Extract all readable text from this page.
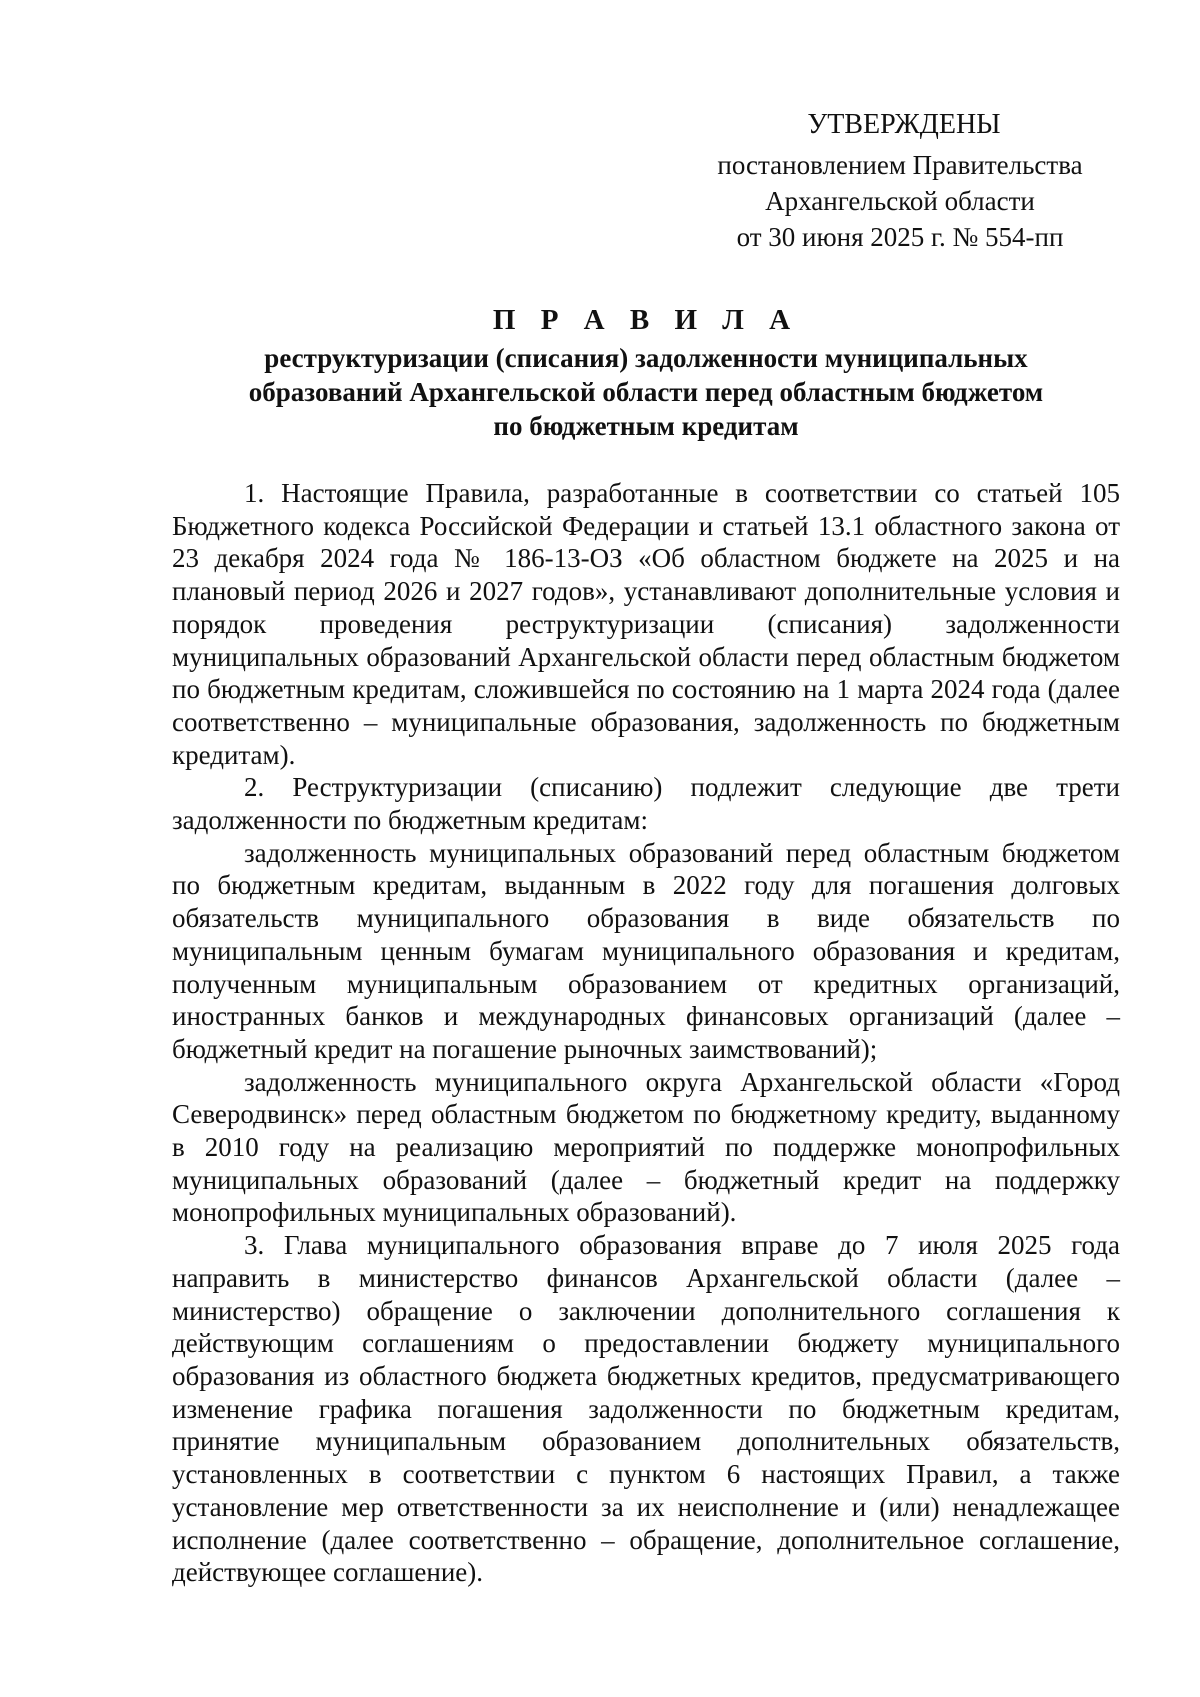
УТВЕРЖДЕНЫ
постановлением Правительства
Архангельской области
от 30 июня 2025 г. № 554-пп
П Р А В И Л А
реструктуризации (списания) задолженности муниципальных
образований Архангельской области перед областным бюджетом
по бюджетным кредитам

1. Настоящие Правила, разработанные в соответствии со статьей 105 Бюджетного кодекса Российской Федерации и статьей 13.1 областного закона от 23 декабря 2024 года № 186-13-ОЗ «Об областном бюджете на 2025 и на плановый период 2026 и 2027 годов», устанавливают дополнительные условия и порядок проведения реструктуризации (списания) задолженности муниципальных образований Архангельской области перед областным бюджетом по бюджетным кредитам, сложившейся по состоянию на 1 марта 2024 года (далее соответственно – муниципальные образования, задолженность по бюджетным кредитам).

2. Реструктуризации (списанию) подлежит следующие две трети задолженности по бюджетным кредитам:

задолженность муниципальных образований перед областным бюджетом по бюджетным кредитам, выданным в 2022 году для погашения долговых обязательств муниципального образования в виде обязательств по муниципальным ценным бумагам муниципального образования и кредитам, полученным муниципальным образованием от кредитных организаций, иностранных банков и международных финансовых организаций (далее – бюджетный кредит на погашение рыночных заимствований);

задолженность муниципального округа Архангельской области «Город Северодвинск» перед областным бюджетом по бюджетному кредиту, выданному в 2010 году на реализацию мероприятий по поддержке монопрофильных муниципальных образований (далее – бюджетный кредит на поддержку монопрофильных муниципальных образований).

3. Глава муниципального образования вправе до 7 июля 2025 года направить в министерство финансов Архангельской области (далее – министерство) обращение о заключении дополнительного соглашения к действующим соглашениям о предоставлении бюджету муниципального образования из областного бюджета бюджетных кредитов, предусматривающего изменение графика погашения задолженности по бюджетным кредитам, принятие муниципальным образованием дополнительных обязательств, установленных в соответствии с пунктом 6 настоящих Правил, а также установление мер ответственности за их неисполнение и (или) ненадлежащее исполнение (далее соответственно – обращение, дополнительное соглашение, действующее соглашение).
